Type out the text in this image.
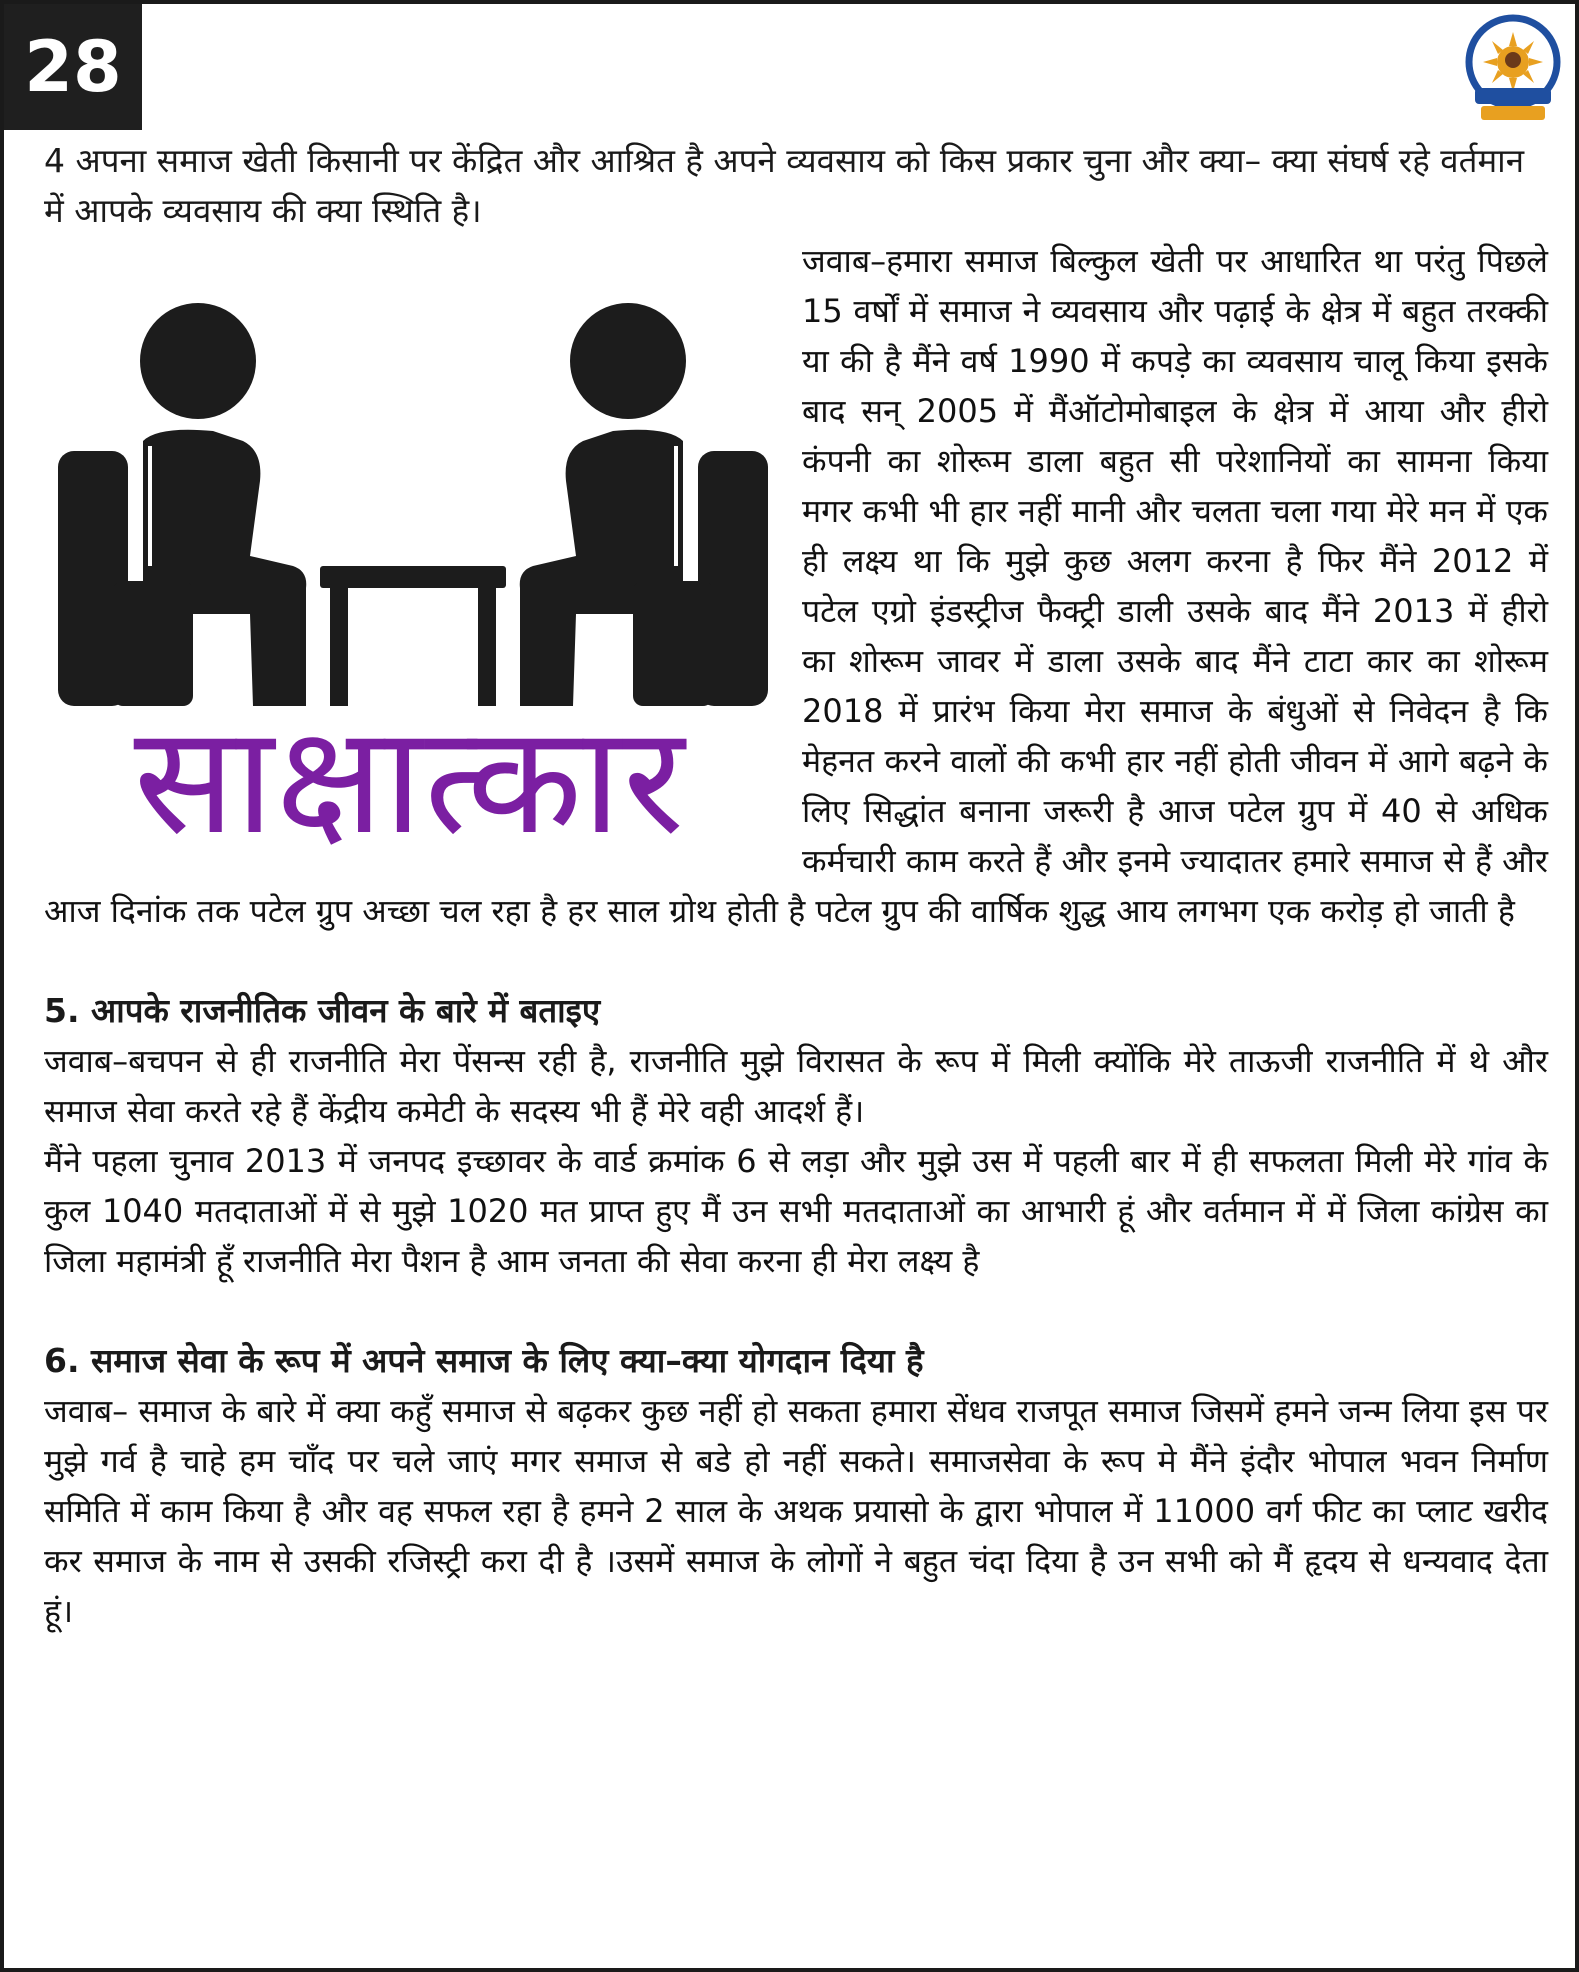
28

4 अपना समाज खेती किसानी पर केंद्रित और आश्रित है अपने व्यवसाय को किस प्रकार चुना और क्या– क्या संघर्ष रहे वर्तमान में आपके व्यवसाय की क्या स्थिति है।

साक्षात्कार

जवाब–हमारा समाज बिल्कुल खेती पर आधारित था परंतु पिछले 15 वर्षों में समाज ने व्यवसाय और पढ़ाई के क्षेत्र में बहुत तरक्की या की है मैंने वर्ष 1990 में कपड़े का व्यवसाय चालू किया इसके बाद सन् 2005 में मैंऑटोमोबाइल के क्षेत्र में आया और हीरो कंपनी का शोरूम डाला बहुत सी परेशानियों का सामना किया मगर कभी भी हार नहीं मानी और चलता चला गया मेरे मन में एक ही लक्ष्य था कि मुझे कुछ अलग करना है फिर मैंने 2012 में पटेल एग्रो इंडस्ट्रीज फैक्ट्री डाली उसके बाद मैंने 2013 में हीरो का शोरूम जावर में डाला उसके बाद मैंने टाटा कार का शोरूम 2018 में प्रारंभ किया मेरा समाज के बंधुओं से निवेदन है कि मेहनत करने वालों की कभी हार नहीं होती जीवन में आगे बढ़ने के लिए सिद्धांत बनाना जरूरी है आज पटेल ग्रुप में 40 से अधिक कर्मचारी काम करते हैं और इनमे ज्यादातर हमारे समाज से हैं और आज दिनांक तक पटेल ग्रुप अच्छा चल रहा है हर साल ग्रोथ होती है पटेल ग्रुप की वार्षिक शुद्ध आय लगभग एक करोड़ हो जाती है

5. आपके राजनीतिक जीवन के बारे में बताइए

जवाब–बचपन से ही राजनीति मेरा पेंसन्स रही है, राजनीति मुझे विरासत के रूप में मिली क्योंकि मेरे ताऊजी राजनीति में थे और समाज सेवा करते रहे हैं केंद्रीय कमेटी के सदस्य भी हैं मेरे वही आदर्श हैं।

मैंने पहला चुनाव 2013 में जनपद इच्छावर के वार्ड क्रमांक 6 से लड़ा और मुझे उस में पहली बार में ही सफलता मिली मेरे गांव के कुल 1040 मतदाताओं में से मुझे 1020 मत प्राप्त हुए मैं उन सभी मतदाताओं का आभारी हूं और वर्तमान में में जिला कांग्रेस का जिला महामंत्री हूँ राजनीति मेरा पैशन है आम जनता की सेवा करना ही मेरा लक्ष्य है

6. समाज सेवा के रूप में अपने समाज के लिए क्या–क्या योगदान दिया है

जवाब– समाज के बारे में क्या कहुँ समाज से बढ़कर कुछ नहीं हो सकता हमारा सेंधव राजपूत समाज जिसमें हमने जन्म लिया इस पर मुझे गर्व है चाहे हम चाँद पर चले जाएं मगर समाज से बडे हो नहीं सकते। समाजसेवा के रूप मे मैंने इंदौर भोपाल भवन निर्माण समिति में काम किया है और वह सफल रहा है हमने 2 साल के अथक प्रयासो के द्वारा भोपाल में 11000 वर्ग फीट का प्लाट खरीद कर समाज के नाम से उसकी रजिस्ट्री करा दी है ।उसमें समाज के लोगों ने बहुत चंदा दिया है उन सभी को मैं हृदय से धन्यवाद देता हूं।
